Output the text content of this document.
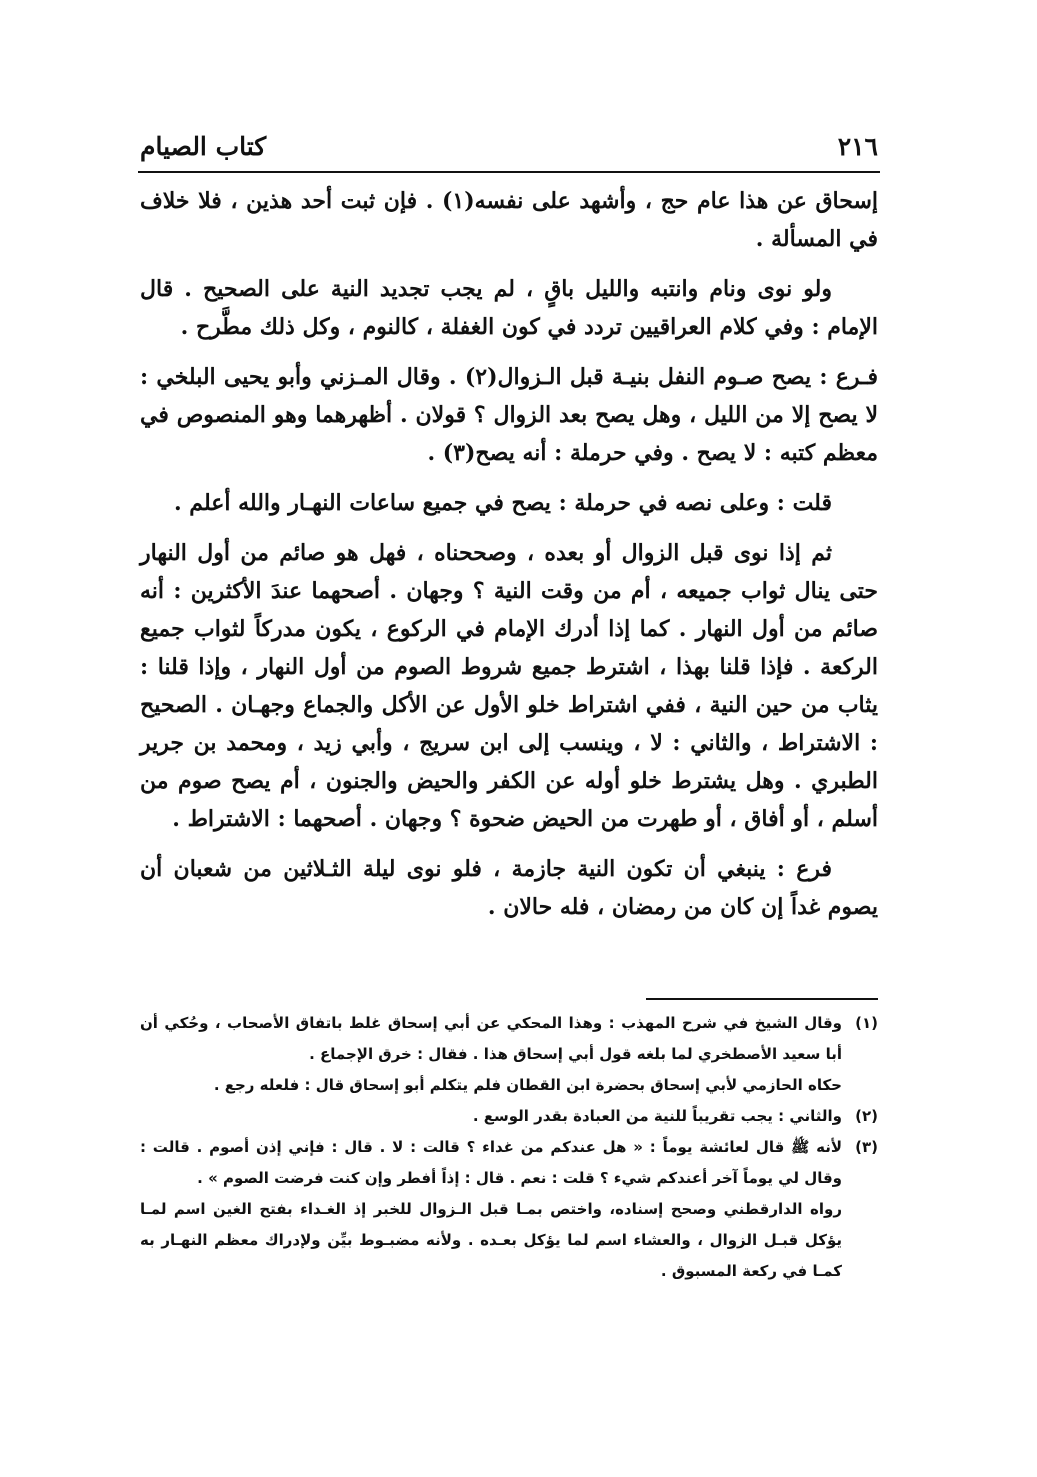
٢١٦
كتاب الصيام

إسحاق عن هذا عام حج ، وأشهد على نفسه(١) . فإن ثبت أحد هذين ، فلا خلاف في المسألة .

ولو نوى ونام وانتبه والليل باقٍ ، لم يجب تجديد النية على الصحيح . قال الإمام : وفي كلام العراقيين تردد في كون الغفلة ، كالنوم ، وكل ذلك مطَّرح .

فـرع : يصح صـوم النفل بنيـة قبل الـزوال(٢) . وقال المـزني وأبو يحيى البلخي : لا يصح إلا من الليل ، وهل يصح بعد الزوال ؟ قولان . أظهرهما وهو المنصوص في معظم كتبه : لا يصح . وفي حرملة : أنه يصح(٣) .

قلت : وعلى نصه في حرملة : يصح في جميع ساعات النهـار والله أعلم .

ثم إذا نوى قبل الزوال أو بعده ، وصححناه ، فهل هو صائم من أول النهار حتى ينال ثواب جميعه ، أم من وقت النية ؟ وجهان . أصحهما عندَ الأكثرين : أنه صائم من أول النهار . كما إذا أدرك الإمام في الركوع ، يكون مدركاً لثواب جميع الركعة . فإذا قلنا بهذا ، اشترط جميع شروط الصوم من أول النهار ، وإذا قلنا : يثاب من حين النية ، ففي اشتراط خلو الأول عن الأكل والجماع وجهـان . الصحيح : الاشتراط ، والثاني : لا ، وينسب إلى ابن سريج ، وأبي زيد ، ومحمد بن جرير الطبري . وهل يشترط خلو أوله عن الكفر والحيض والجنون ، أم يصح صوم من أسلم ، أو أفاق ، أو طهرت من الحيض ضحوة ؟ وجهان . أصحهما : الاشتراط .

فرع : ينبغي أن تكون النية جازمة ، فلو نوى ليلة الثـلاثين من شعبان أن يصوم غداً إن كان من رمضان ، فله حالان .

(١)

وقال الشيخ في شرح المهذب : وهذا المحكي عن أبي إسحاق غلط باتفاق الأصحاب ، وحُكي أن أبا سعيد الأصطخري لما بلغه قول أبي إسحاق هذا . فقال : خرق الإجماع .

حكاه الحازمي لأبي إسحاق بحضرة ابن القطان فلم يتكلم أبو إسحاق قال : فلعله رجع .

(٢)

والثاني : يجب تقريباً للنية من العبادة بقدر الوسع .

(٣)

لأنه ﷺ قال لعائشة يوماً : « هل عندكم من غداء ؟ قالت : لا . قال : فإني إذن أصوم . قالت : وقال لي يوماً آخر أعندكم شيء ؟ قلت : نعم . قال : إذاً أفطر وإن كنت فرضت الصوم » .

رواه الدارقطني وصحح إسناده، واختص بمـا قبل الـزوال للخبر إذ الغـداء بفتح الغين اسم لمـا يؤكل قبـل الزوال ، والعشاء اسم لما يؤكل بعـده . ولأنه مضبـوط بيِّن ولإدراك معظم النهـار به كمـا في ركعة المسبوق .
